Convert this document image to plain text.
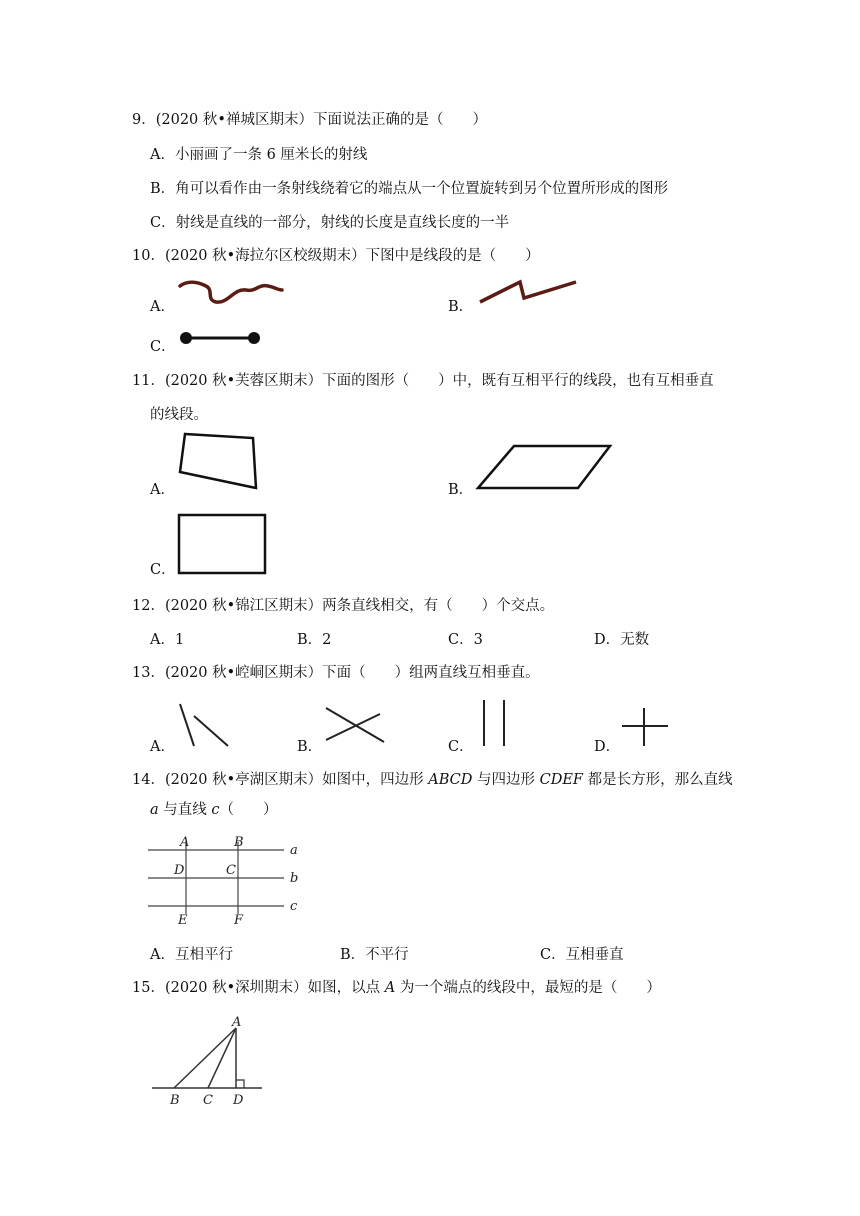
9．(2020 秋•禅城区期末）下面说法正确的是（　　）
A．小丽画了一条 6 厘米长的射线
B．角可以看作由一条射线绕着它的端点从一个位置旋转到另个位置所形成的图形
C．射线是直线的一部分，射线的长度是直线长度的一半
10．(2020 秋•海拉尔区校级期末）下图中是线段的是（　　）
A．	B．
C．
11．(2020 秋•芙蓉区期末）下面的图形（　　）中，既有互相平行的线段，也有互相垂直
的线段。
A．	B．
C．
12．(2020 秋•锦江区期末）两条直线相交，有（　　）个交点。
A．1	B．2	C．3	D．无数
13．(2020 秋•崆峒区期末）下面（　　）组两直线互相垂直。
A．	B．	C．	D．
14．(2020 秋•亭湖区期末）如图中，四边形 ABCD 与四边形 CDEF 都是长方形，那么直线
a 与直线 c（　　）
A	B
D	C
E	F
a
b
c
A．互相平行	B．不平行	C．互相垂直
15．(2020 秋•深圳期末）如图，以点 A 为一个端点的线段中，最短的是（　　）
A
B C D
